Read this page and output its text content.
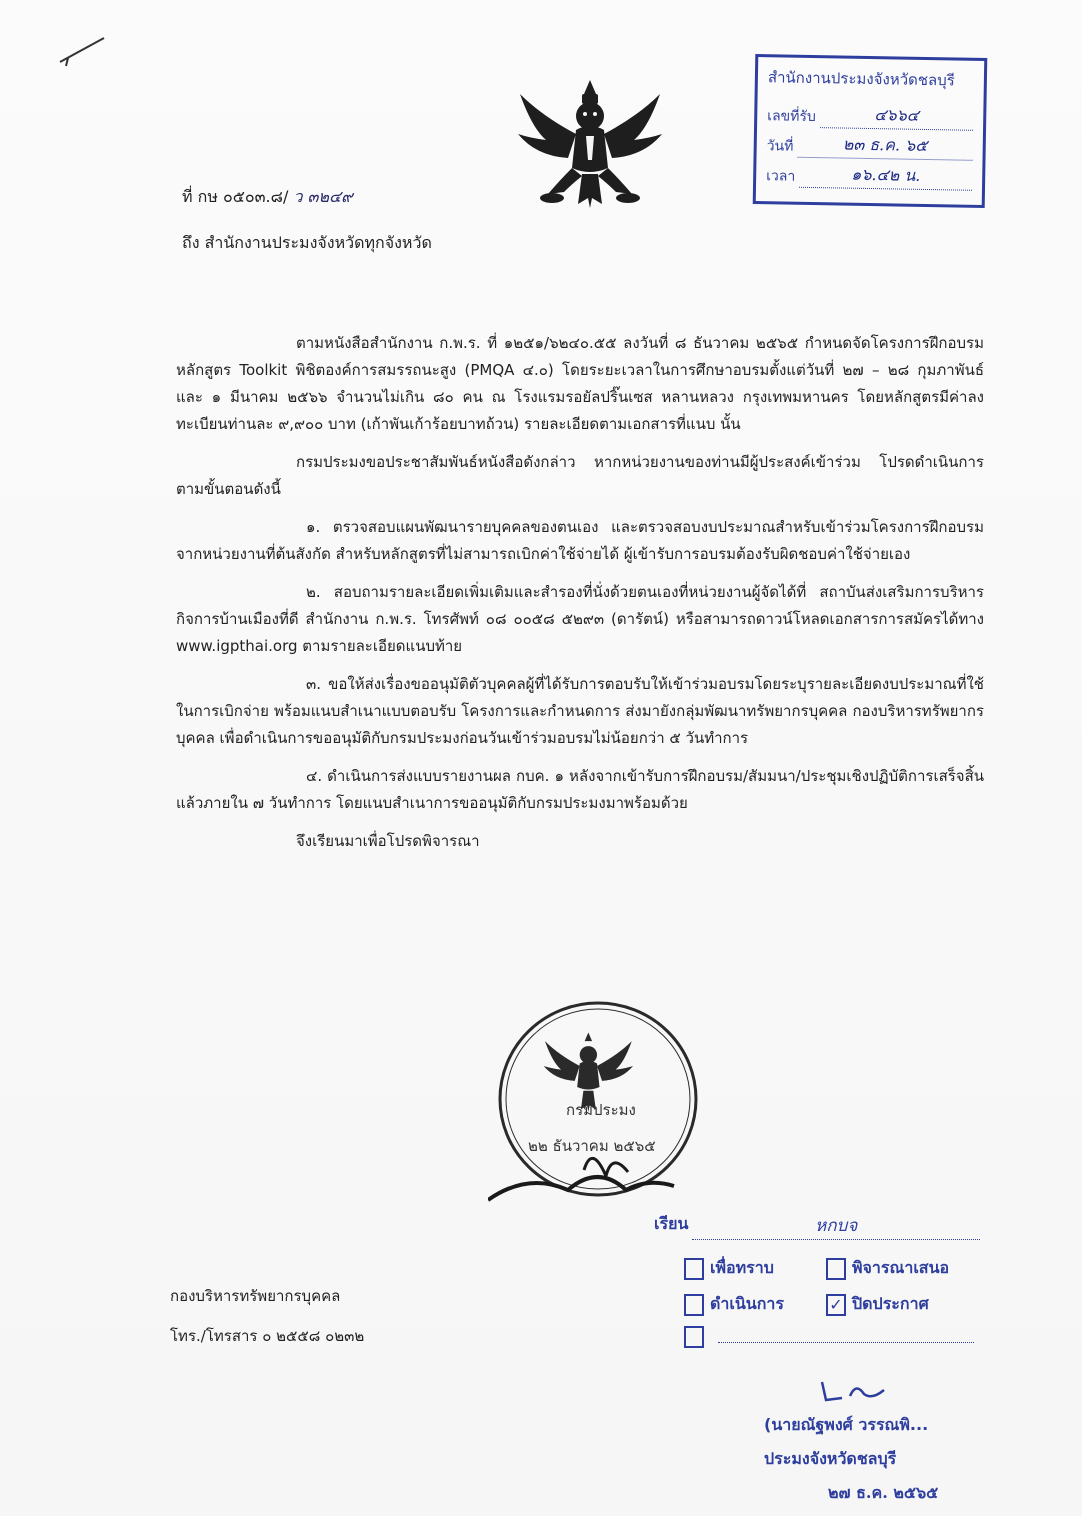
สำนักงานประมงจังหวัดชลบุรี
เลขที่รับ	๔๖๖๔
วันที่	๒๓ ธ.ค. ๖๕
เวลา	๑๖.๔๒ น.
ที่ กษ ๐๕๐๓.๘/ ว ๓๒๔๙
ถึง สำนักงานประมงจังหวัดทุกจังหวัด

ตามหนังสือสำนักงาน ก.พ.ร. ที่ ๑๒๕๑/๖๒๔๐.๕๕ ลงวันที่ ๘ ธันวาคม ๒๕๖๕ กำหนดจัดโครงการฝึกอบรมหลักสูตร Toolkit พิชิตองค์การสมรรถนะสูง (PMQA ๔.๐) โดยระยะเวลาในการศึกษาอบรมตั้งแต่วันที่ ๒๗ – ๒๘ กุมภาพันธ์ และ ๑ มีนาคม ๒๕๖๖ จำนวนไม่เกิน ๘๐ คน ณ โรงแรมรอยัลปริ๊นเซส หลานหลวง กรุงเทพมหานคร โดยหลักสูตรมีค่าลงทะเบียนท่านละ ๙,๙๐๐ บาท (เก้าพันเก้าร้อยบาทถ้วน) รายละเอียดตามเอกสารที่แนบ นั้น

กรมประมงขอประชาสัมพันธ์หนังสือดังกล่าว หากหน่วยงานของท่านมีผู้ประสงค์เข้าร่วม โปรดดำเนินการตามขั้นตอนดังนี้

๑. ตรวจสอบแผนพัฒนารายบุคคลของตนเอง และตรวจสอบงบประมาณสำหรับเข้าร่วมโครงการฝึกอบรมจากหน่วยงานที่ต้นสังกัด สำหรับหลักสูตรที่ไม่สามารถเบิกค่าใช้จ่ายได้ ผู้เข้ารับการอบรมต้องรับผิดชอบค่าใช้จ่ายเอง

๒. สอบถามรายละเอียดเพิ่มเติมและสำรองที่นั่งด้วยตนเองที่หน่วยงานผู้จัดได้ที่ สถาบันส่งเสริมการบริหารกิจการบ้านเมืองที่ดี สำนักงาน ก.พ.ร. โทรศัพท์ ๐๘ ๐๐๕๘ ๕๒๙๓ (ดารัตน์) หรือสามารถดาวน์โหลดเอกสารการสมัครได้ทาง www.igpthai.org ตามรายละเอียดแนบท้าย

๓. ขอให้ส่งเรื่องขออนุมัติตัวบุคคลผู้ที่ได้รับการตอบรับให้เข้าร่วมอบรมโดยระบุรายละเอียดงบประมาณที่ใช้ในการเบิกจ่าย พร้อมแนบสำเนาแบบตอบรับ โครงการและกำหนดการ ส่งมายังกลุ่มพัฒนาทรัพยากรบุคคล กองบริหารทรัพยากรบุคคล เพื่อดำเนินการขออนุมัติกับกรมประมงก่อนวันเข้าร่วมอบรมไม่น้อยกว่า ๕ วันทำการ

๔. ดำเนินการส่งแบบรายงานผล กบค. ๑ หลังจากเข้ารับการฝึกอบรม/สัมมนา/ประชุมเชิงปฏิบัติการเสร็จสิ้นแล้วภายใน ๗ วันทำการ โดยแนบสำเนาการขออนุมัติกับกรมประมงมาพร้อมด้วย

จึงเรียนมาเพื่อโปรดพิจารณา

กรมประมง
๒๒ ธันวาคม ๒๕๖๕
กองบริหารทรัพยากรบุคคล
โทร./โทรสาร ๐ ๒๕๕๘ ๐๒๓๒
เรียน	หกบจ
เพื่อทราบ	พิจารณาเสนอ
ดำเนินการ	✓ ปิดประกาศ
(นายณัฐพงศ์ วรรณพิ...
ประมงจังหวัดชลบุรี
๒๗ ธ.ค. ๒๕๖๕
